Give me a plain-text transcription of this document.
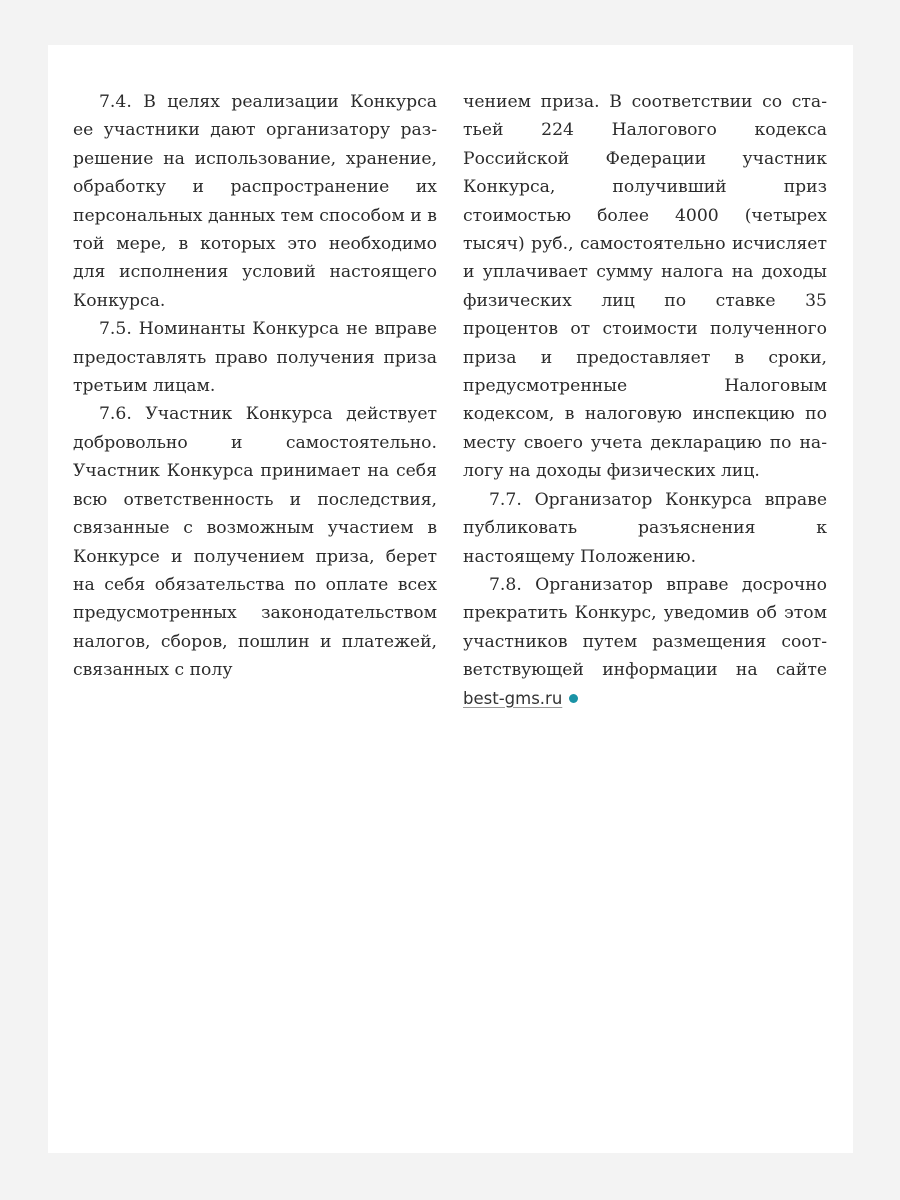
7.4. В целях реализации Конкурса ее участники дают организатору разрешение на использование, хранение, обработку и распространение их персональных данных тем способом и в той мере, в которых это необходимо для исполнения условий настоящего Конкурса.

7.5. Номинанты Конкурса не вправе предоставлять право получения приза третьим лицам.

7.6. Участник Конкурса действует добровольно и самостоятельно. Участник Конкурса принимает на себя всю ответственность и последствия, связанные с возможным участием в Конкурсе и получением приза, берет на себя обязательства по оплате всех предусмотренных законодательством налогов, сборов, пошлин и платежей, связанных с полу

чением приза. В соответствии со статьей 224 Налогового кодекса Российской Федерации участник Конкурса, получивший приз стоимостью более 4000 (четырех тысяч) руб., самостоятельно исчисляет и уплачивает сумму налога на доходы физических лиц по ставке 35 процентов от стоимости полученного приза и предоставляет в сроки, предусмотренные Налоговым кодексом, в налоговую инспекцию по месту своего учета декларацию по налогу на доходы физических лиц.

7.7. Организатор Конкурса вправе публиковать разъяснения к настоящему Положению.

7.8. Организатор вправе досрочно прекратить Конкурс, уведомив об этом участников путем размещения соответствующей информации на сайте best-gms.ru
